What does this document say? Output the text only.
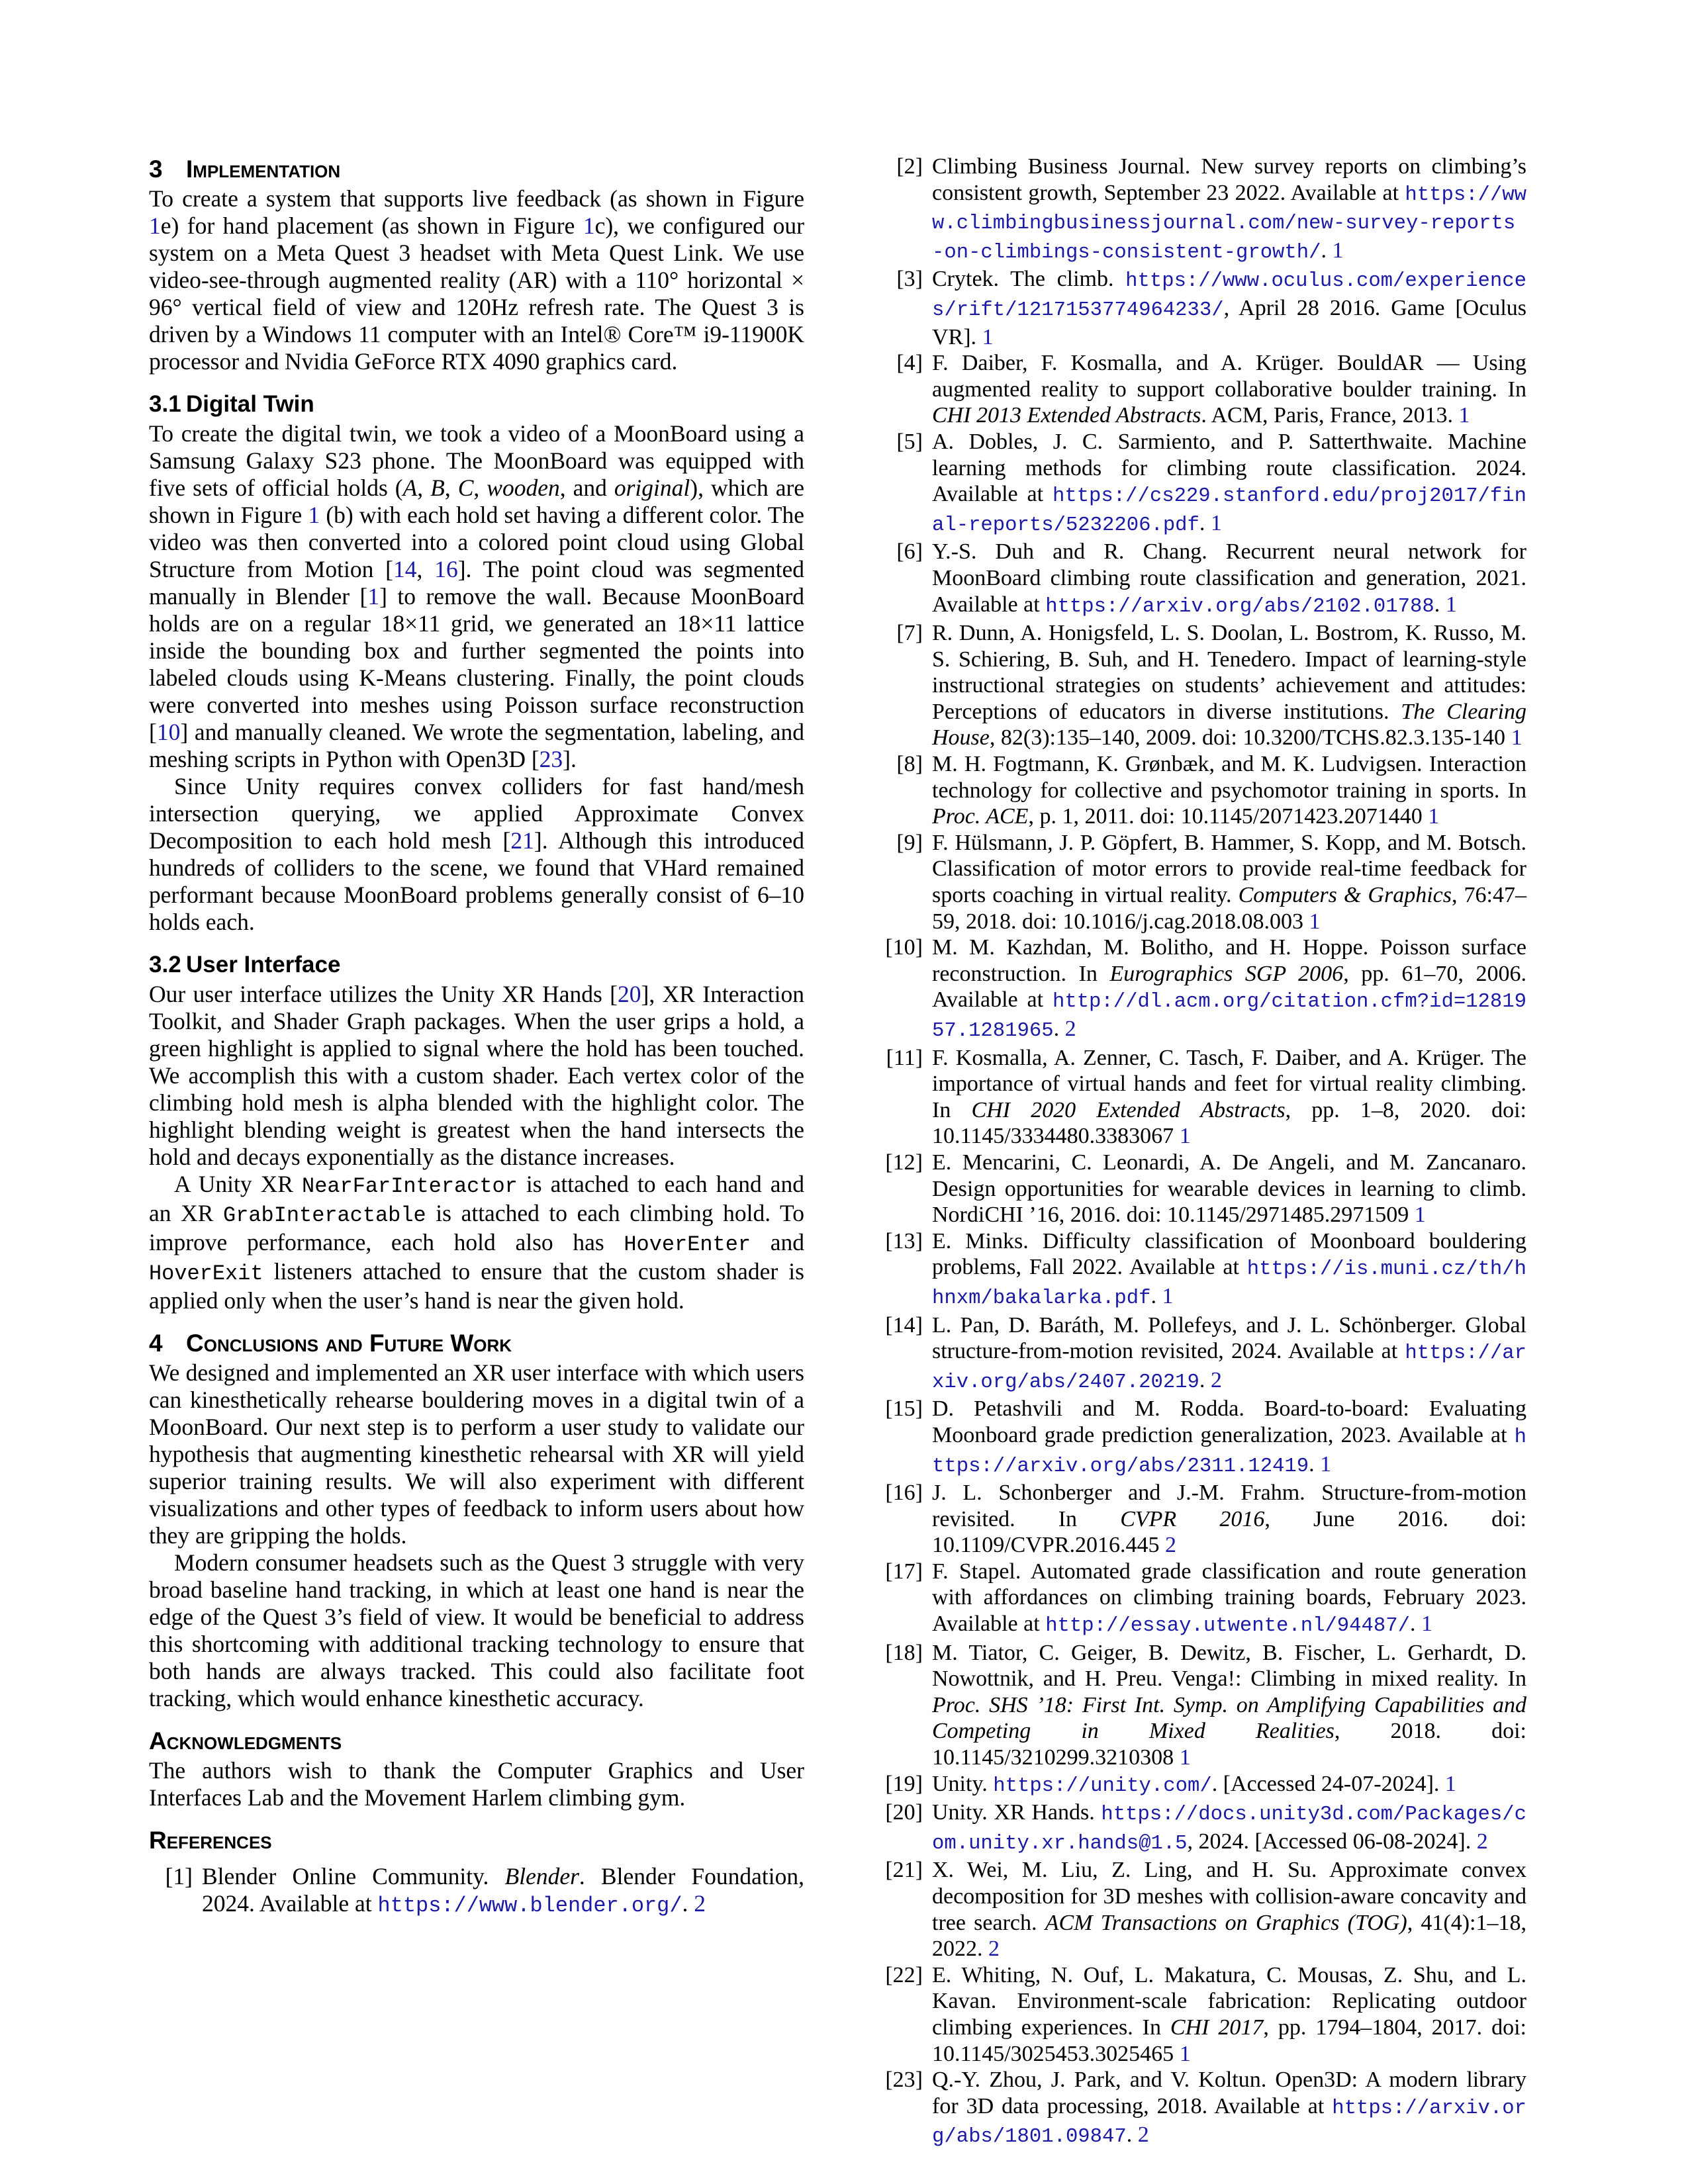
3 Implementation

To create a system that supports live feedback (as shown in Figure 1e) for hand placement (as shown in Figure 1c), we configured our system on a Meta Quest 3 headset with Meta Quest Link. We use video-see-through augmented reality (AR) with a 110° horizontal × 96° vertical field of view and 120Hz refresh rate. The Quest 3 is driven by a Windows 11 computer with an Intel® Core™ i9-11900K processor and Nvidia GeForce RTX 4090 graphics card.

3.1 Digital Twin

To create the digital twin, we took a video of a MoonBoard using a Samsung Galaxy S23 phone. The MoonBoard was equipped with five sets of official holds (A, B, C, wooden, and original), which are shown in Figure 1 (b) with each hold set having a different color. The video was then converted into a colored point cloud using Global Structure from Motion [14, 16]. The point cloud was segmented manually in Blender [1] to remove the wall. Because MoonBoard holds are on a regular 18×11 grid, we generated an 18×11 lattice inside the bounding box and further segmented the points into labeled clouds using K-Means clustering. Finally, the point clouds were converted into meshes using Poisson surface reconstruction [10] and manually cleaned. We wrote the segmentation, labeling, and meshing scripts in Python with Open3D [23].

Since Unity requires convex colliders for fast hand/mesh intersection querying, we applied Approximate Convex Decomposition to each hold mesh [21]. Although this introduced hundreds of colliders to the scene, we found that VHard remained performant because MoonBoard problems generally consist of 6–10 holds each.

3.2 User Interface

Our user interface utilizes the Unity XR Hands [20], XR Interaction Toolkit, and Shader Graph packages. When the user grips a hold, a green highlight is applied to signal where the hold has been touched. We accomplish this with a custom shader. Each vertex color of the climbing hold mesh is alpha blended with the highlight color. The highlight blending weight is greatest when the hand intersects the hold and decays exponentially as the distance increases.

A Unity XR NearFarInteractor is attached to each hand and an XR GrabInteractable is attached to each climbing hold. To improve performance, each hold also has HoverEnter and HoverExit listeners attached to ensure that the custom shader is applied only when the user’s hand is near the given hold.

4 Conclusions and Future Work

We designed and implemented an XR user interface with which users can kinesthetically rehearse bouldering moves in a digital twin of a MoonBoard. Our next step is to perform a user study to validate our hypothesis that augmenting kinesthetic rehearsal with XR will yield superior training results. We will also experiment with different visualizations and other types of feedback to inform users about how they are gripping the holds.

Modern consumer headsets such as the Quest 3 struggle with very broad baseline hand tracking, in which at least one hand is near the edge of the Quest 3’s field of view. It would be beneficial to address this shortcoming with additional tracking technology to ensure that both hands are always tracked. This could also facilitate foot tracking, which would enhance kinesthetic accuracy.

Acknowledgments

The authors wish to thank the Computer Graphics and User Interfaces Lab and the Movement Harlem climbing gym.

References
[1] Blender Online Community. Blender. Blender Foundation, 2024. Available at https://www.blender.org/. 2
[2] Climbing Business Journal. New survey reports on climbing’s consistent growth, September 23 2022. Available at https://www.climbingbusinessjournal.com/new-survey-reports-on-climbings-consistent-growth/. 1
[3] Crytek. The climb. https://www.oculus.com/experiences/rift/1217153774964233/, April 28 2016. Game [Oculus VR]. 1
[4] F. Daiber, F. Kosmalla, and A. Krüger. BouldAR — Using augmented reality to support collaborative boulder training. In CHI 2013 Extended Abstracts. ACM, Paris, France, 2013. 1
[5] A. Dobles, J. C. Sarmiento, and P. Satterthwaite. Machine learning methods for climbing route classification. 2024. Available at https://cs229.stanford.edu/proj2017/final-reports/5232206.pdf. 1
[6] Y.-S. Duh and R. Chang. Recurrent neural network for MoonBoard climbing route classification and generation, 2021. Available at https://arxiv.org/abs/2102.01788. 1
[7] R. Dunn, A. Honigsfeld, L. S. Doolan, L. Bostrom, K. Russo, M. S. Schiering, B. Suh, and H. Tenedero. Impact of learning-style instructional strategies on students’ achievement and attitudes: Perceptions of educators in diverse institutions. The Clearing House, 82(3):135–140, 2009. doi: 10.3200/TCHS.82.3.135-140 1
[8] M. H. Fogtmann, K. Grønbæk, and M. K. Ludvigsen. Interaction technology for collective and psychomotor training in sports. In Proc. ACE, p. 1, 2011. doi: 10.1145/2071423.2071440 1
[9] F. Hülsmann, J. P. Göpfert, B. Hammer, S. Kopp, and M. Botsch. Classification of motor errors to provide real-time feedback for sports coaching in virtual reality. Computers & Graphics, 76:47–59, 2018. doi: 10.1016/j.cag.2018.08.003 1
[10] M. M. Kazhdan, M. Bolitho, and H. Hoppe. Poisson surface reconstruction. In Eurographics SGP 2006, pp. 61–70, 2006. Available at http://dl.acm.org/citation.cfm?id=1281957.1281965. 2
[11] F. Kosmalla, A. Zenner, C. Tasch, F. Daiber, and A. Krüger. The importance of virtual hands and feet for virtual reality climbing. In CHI 2020 Extended Abstracts, pp. 1–8, 2020. doi: 10.1145/3334480.3383067 1
[12] E. Mencarini, C. Leonardi, A. De Angeli, and M. Zancanaro. Design opportunities for wearable devices in learning to climb. NordiCHI ’16, 2016. doi: 10.1145/2971485.2971509 1
[13] E. Minks. Difficulty classification of Moonboard bouldering problems, Fall 2022. Available at https://is.muni.cz/th/hhnxm/bakalarka.pdf. 1
[14] L. Pan, D. Baráth, M. Pollefeys, and J. L. Schönberger. Global structure-from-motion revisited, 2024. Available at https://arxiv.org/abs/2407.20219. 2
[15] D. Petashvili and M. Rodda. Board-to-board: Evaluating Moonboard grade prediction generalization, 2023. Available at https://arxiv.org/abs/2311.12419. 1
[16] J. L. Schonberger and J.-M. Frahm. Structure-from-motion revisited. In CVPR 2016, June 2016. doi: 10.1109/CVPR.2016.445 2
[17] F. Stapel. Automated grade classification and route generation with affordances on climbing training boards, February 2023. Available at http://essay.utwente.nl/94487/. 1
[18] M. Tiator, C. Geiger, B. Dewitz, B. Fischer, L. Gerhardt, D. Nowottnik, and H. Preu. Venga!: Climbing in mixed reality. In Proc. SHS ’18: First Int. Symp. on Amplifying Capabilities and Competing in Mixed Realities, 2018. doi: 10.1145/3210299.3210308 1
[19] Unity. https://unity.com/. [Accessed 24-07-2024]. 1
[20] Unity. XR Hands. https://docs.unity3d.com/Packages/com.unity.xr.hands@1.5, 2024. [Accessed 06-08-2024]. 2
[21] X. Wei, M. Liu, Z. Ling, and H. Su. Approximate convex decomposition for 3D meshes with collision-aware concavity and tree search. ACM Transactions on Graphics (TOG), 41(4):1–18, 2022. 2
[22] E. Whiting, N. Ouf, L. Makatura, C. Mousas, Z. Shu, and L. Kavan. Environment-scale fabrication: Replicating outdoor climbing experiences. In CHI 2017, pp. 1794–1804, 2017. doi: 10.1145/3025453.3025465 1
[23] Q.-Y. Zhou, J. Park, and V. Koltun. Open3D: A modern library for 3D data processing, 2018. Available at https://arxiv.org/abs/1801.09847. 2
